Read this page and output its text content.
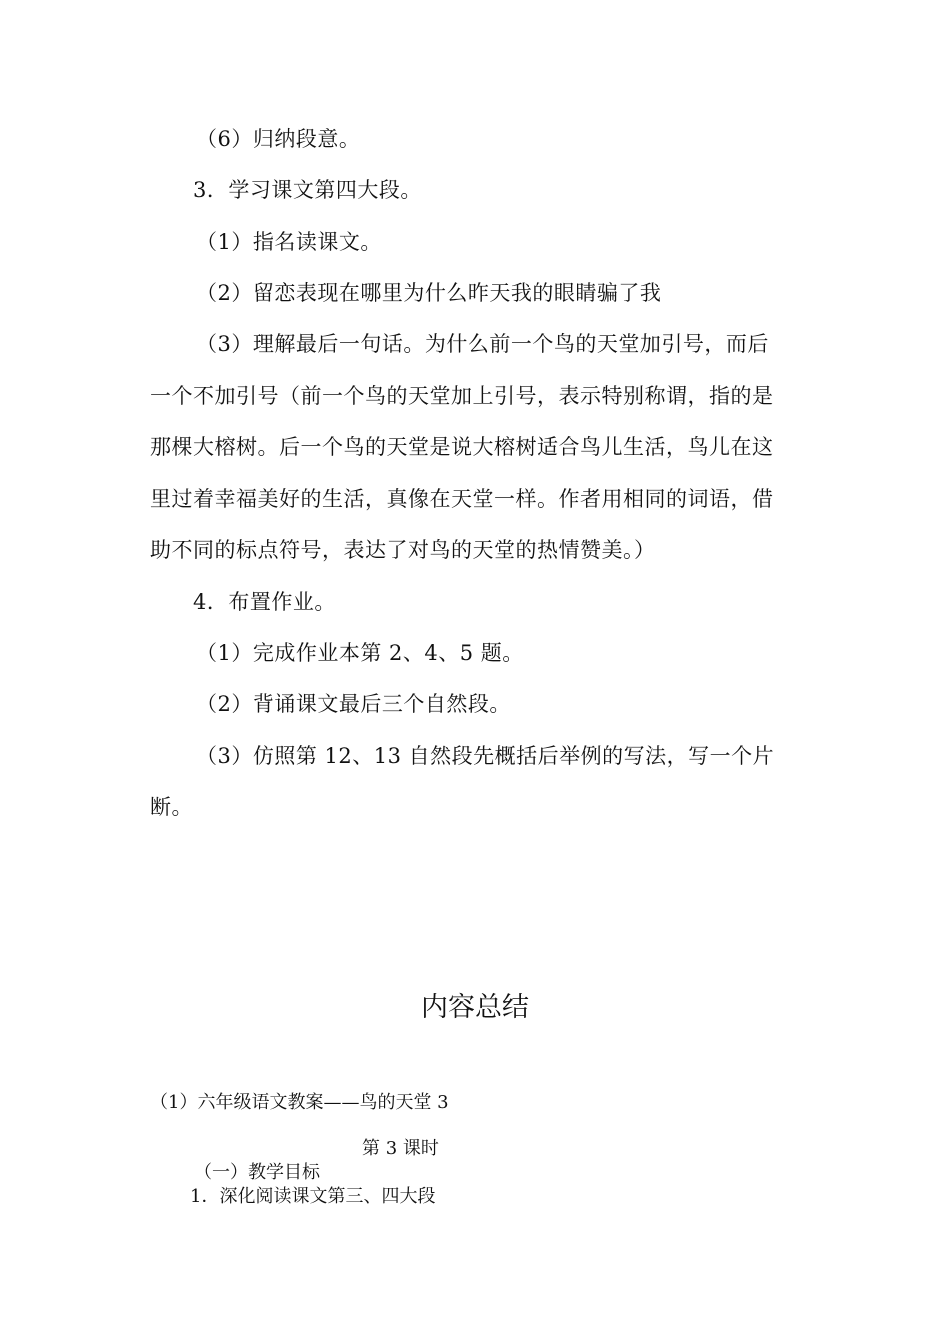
（6）归纳段意。
3．学习课文第四大段。
（1）指名读课文。
（2）留恋表现在哪里为什么昨天我的眼睛骗了我
（3）理解最后一句话。为什么前一个鸟的天堂加引号，而后
一个不加引号（前一个鸟的天堂加上引号，表示特别称谓，指的是
那棵大榕树。后一个鸟的天堂是说大榕树适合鸟儿生活，鸟儿在这
里过着幸福美好的生活，真像在天堂一样。作者用相同的词语，借
助不同的标点符号，表达了对鸟的天堂的热情赞美。）
4．布置作业。
（1）完成作业本第 2、4、5 题。
（2）背诵课文最后三个自然段。
（3）仿照第 12、13 自然段先概括后举例的写法，写一个片
断。
内容总结
（1）六年级语文教案——鸟的天堂 3
第 3 课时
（一）教学目标
1．深化阅读课文第三、四大段
